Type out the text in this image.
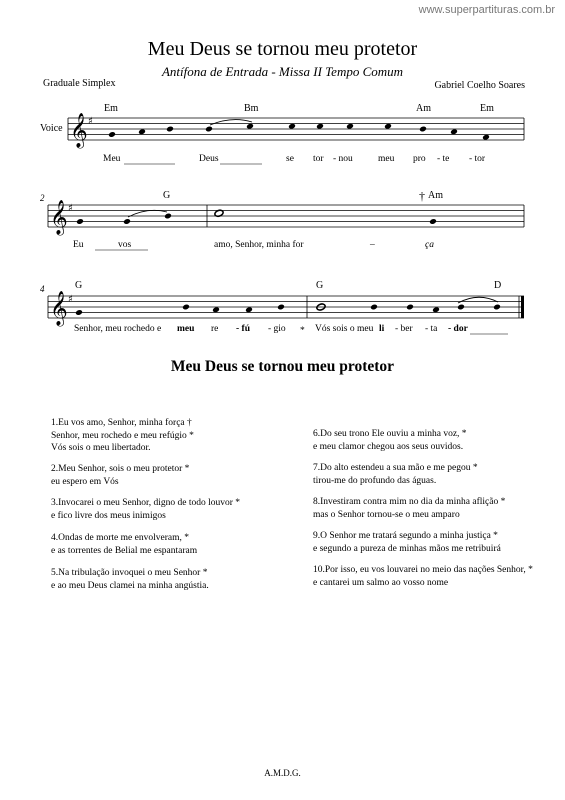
www.superpartituras.com.br
Meu Deus se tornou meu protetor
Antífona de Entrada - Missa II Tempo Comum
Graduale Simplex	Gabriel Coelho Soares
𝄞
𝄞
𝄞
♯
♯
♯
Voice
Em	Bm	Am	Em
Meu	Deus	se tor - nou	meu pro - te - tor
2	G	† Am
Eu	vos	amo, Senhor, minha for	–	ça
4	G	G	D
Senhor, meu rochedo e meu re - fú - gio * Vós sois o meu li - ber - ta - dor
Meu Deus se tornou meu protetor
1.Eu vos amo, Senhor, minha força †
Senhor, meu rochedo e meu refúgio *
Vós sois o meu libertador.
2.Meu Senhor, sois o meu protetor *
eu espero em Vós
3.Invocarei o meu Senhor, digno de todo louvor *
e fico livre dos meus inimigos
4.Ondas de morte me envolveram, *
e as torrentes de Belial me espantaram
5.Na tribulação invoquei o meu Senhor *
e ao meu Deus clamei na minha angústia.
6.Do seu trono Ele ouviu a minha voz, *
e meu clamor chegou aos seus ouvidos.
7.Do alto estendeu a sua mão e me pegou *
tirou-me do profundo das águas.
8.Investiram contra mim no dia da minha aflição *
mas o Senhor tornou-se o meu amparo
9.O Senhor me tratará segundo a minha justiça *
e segundo a pureza de minhas mãos me retribuirá
10.Por isso, eu vos louvarei no meio das nações Senhor, *
e cantarei um salmo ao vosso nome
A.M.D.G.
